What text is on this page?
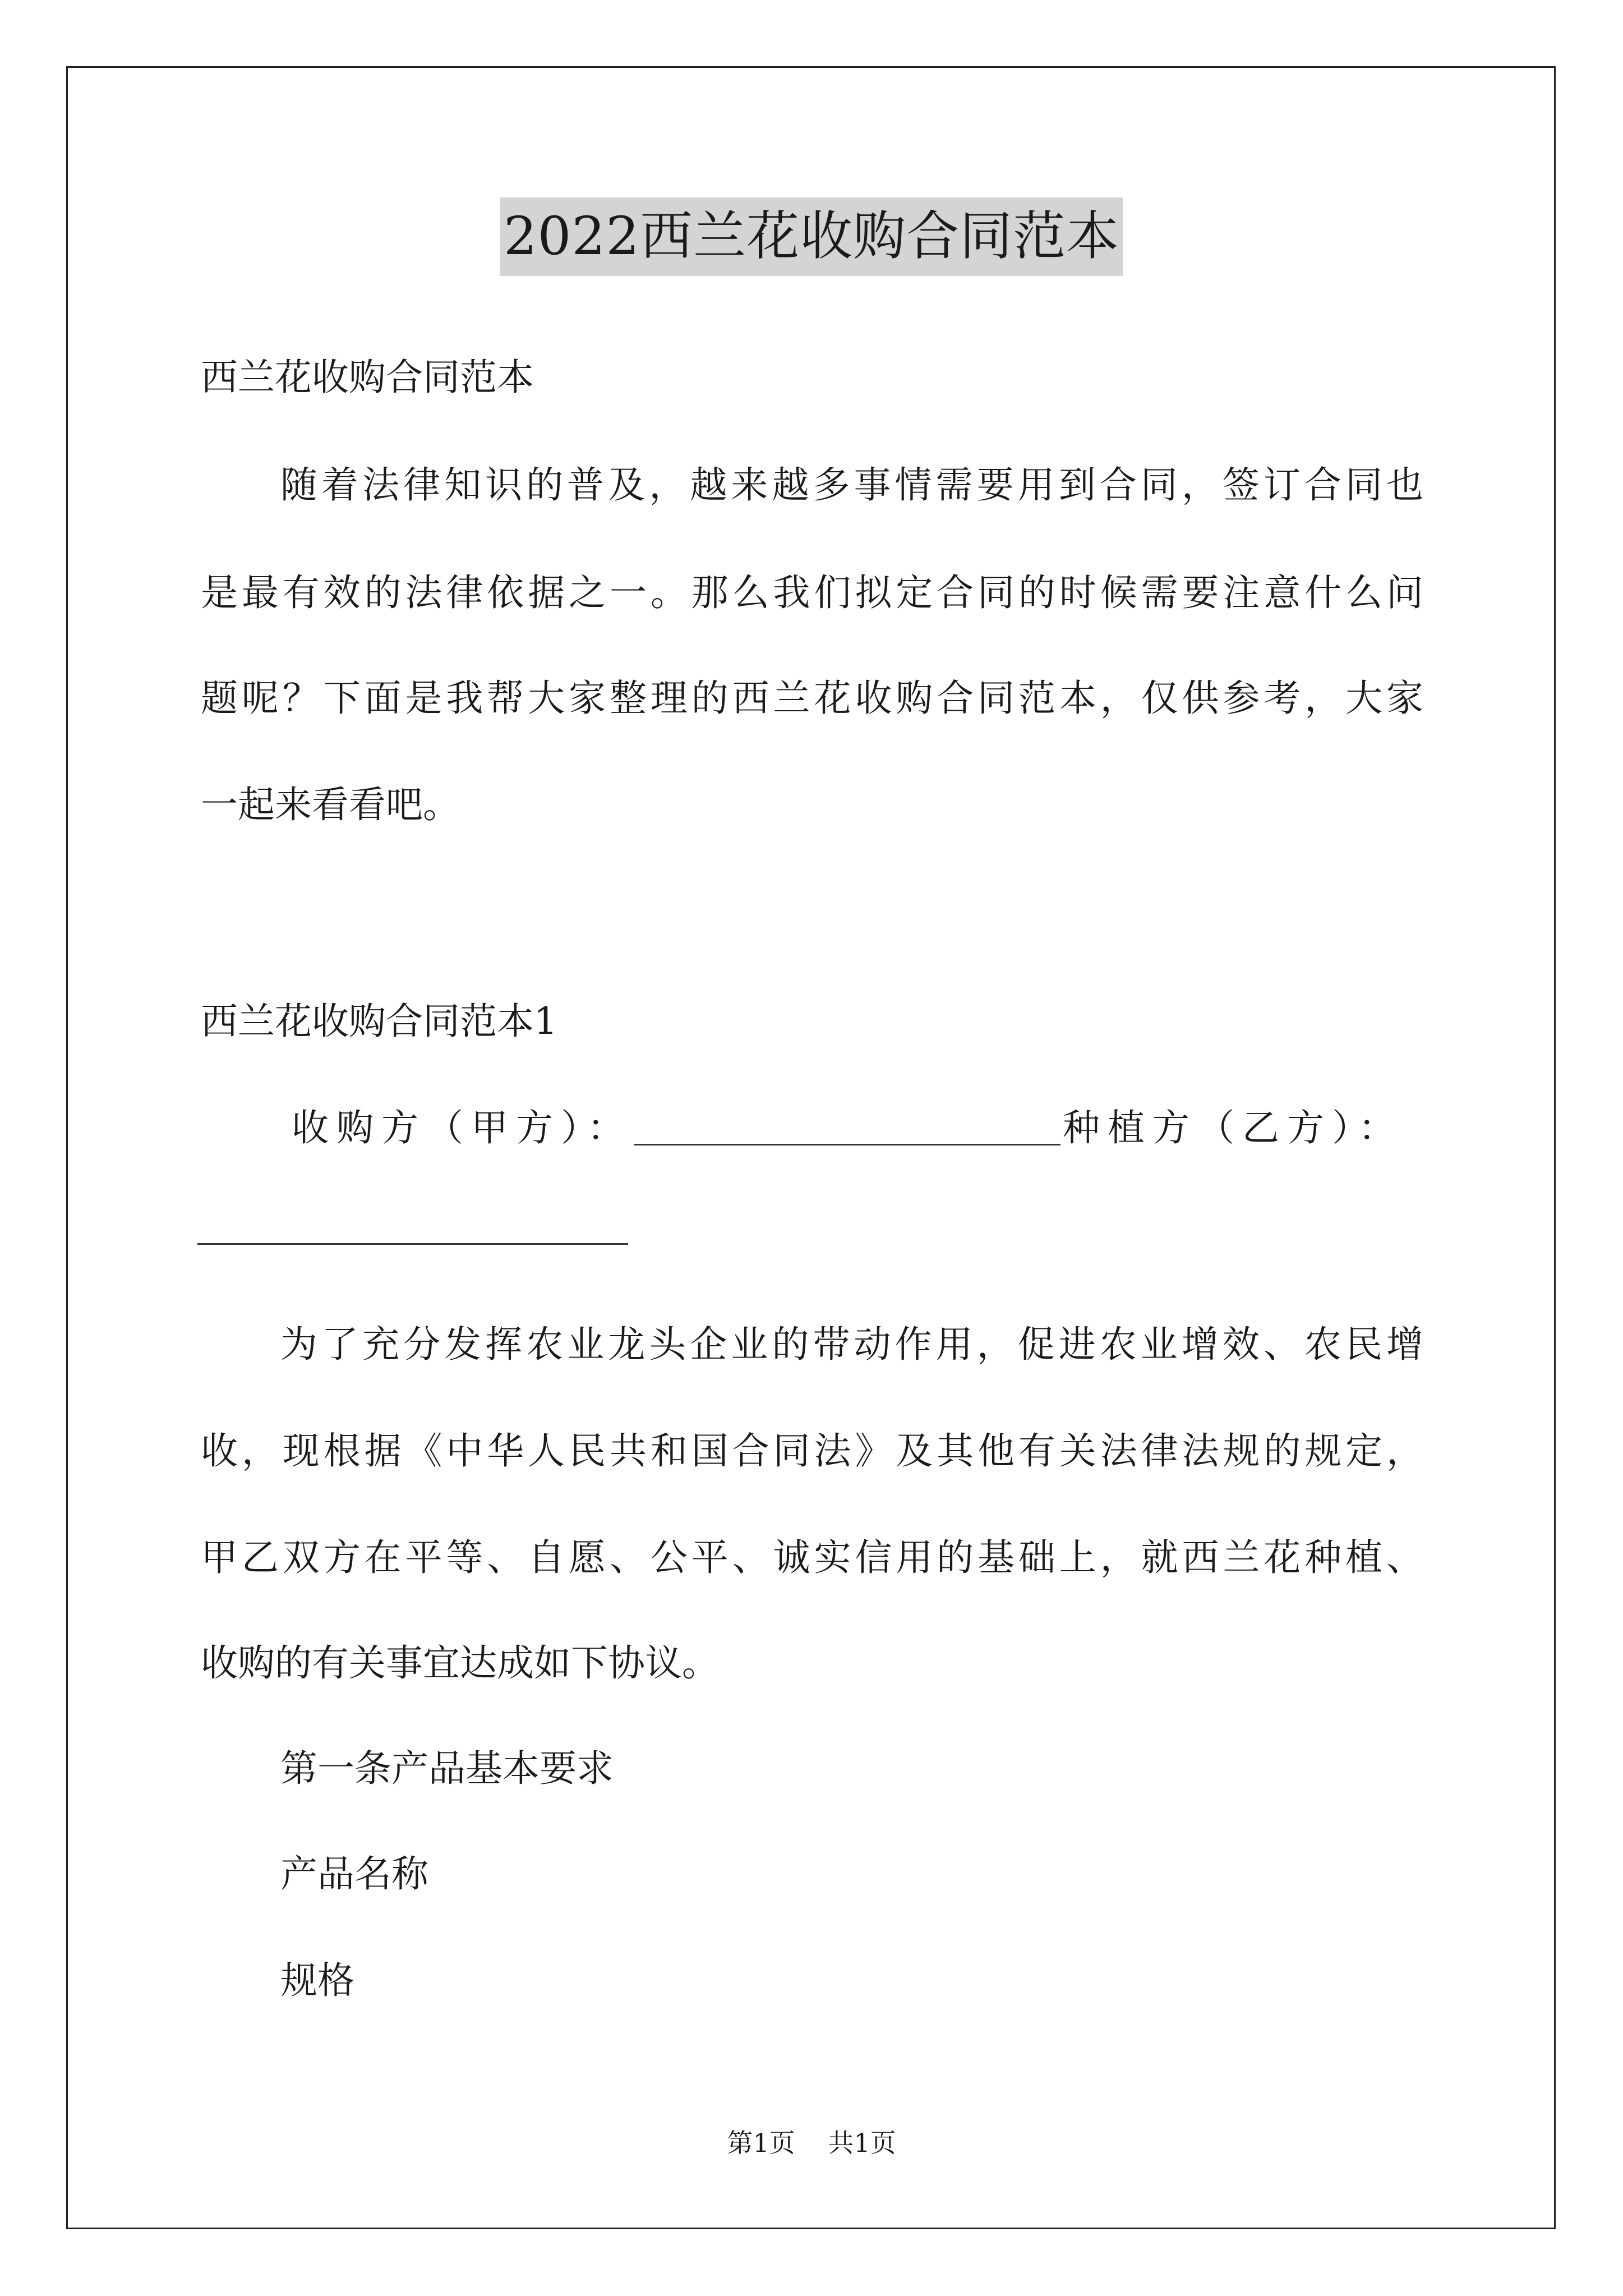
2022西兰花收购合同范本
西兰花收购合同范本
随着法律知识的普及，越来越多事情需要用到合同，签订合同也
是最有效的法律依据之一。那么我们拟定合同的时候需要注意什么问
题呢？下面是我帮大家整理的西兰花收购合同范本，仅供参考，大家
一起来看看吧。
西兰花收购合同范本1
收购方（甲方）：	种植方（乙方）：
为了充分发挥农业龙头企业的带动作用，促进农业增效、农民增
收，现根据《中华人民共和国合同法》及其他有关法律法规的规定，
甲乙双方在平等、自愿、公平、诚实信用的基础上，就西兰花种植、
收购的有关事宜达成如下协议。
第一条产品基本要求
产品名称
规格
第1页 共1页
